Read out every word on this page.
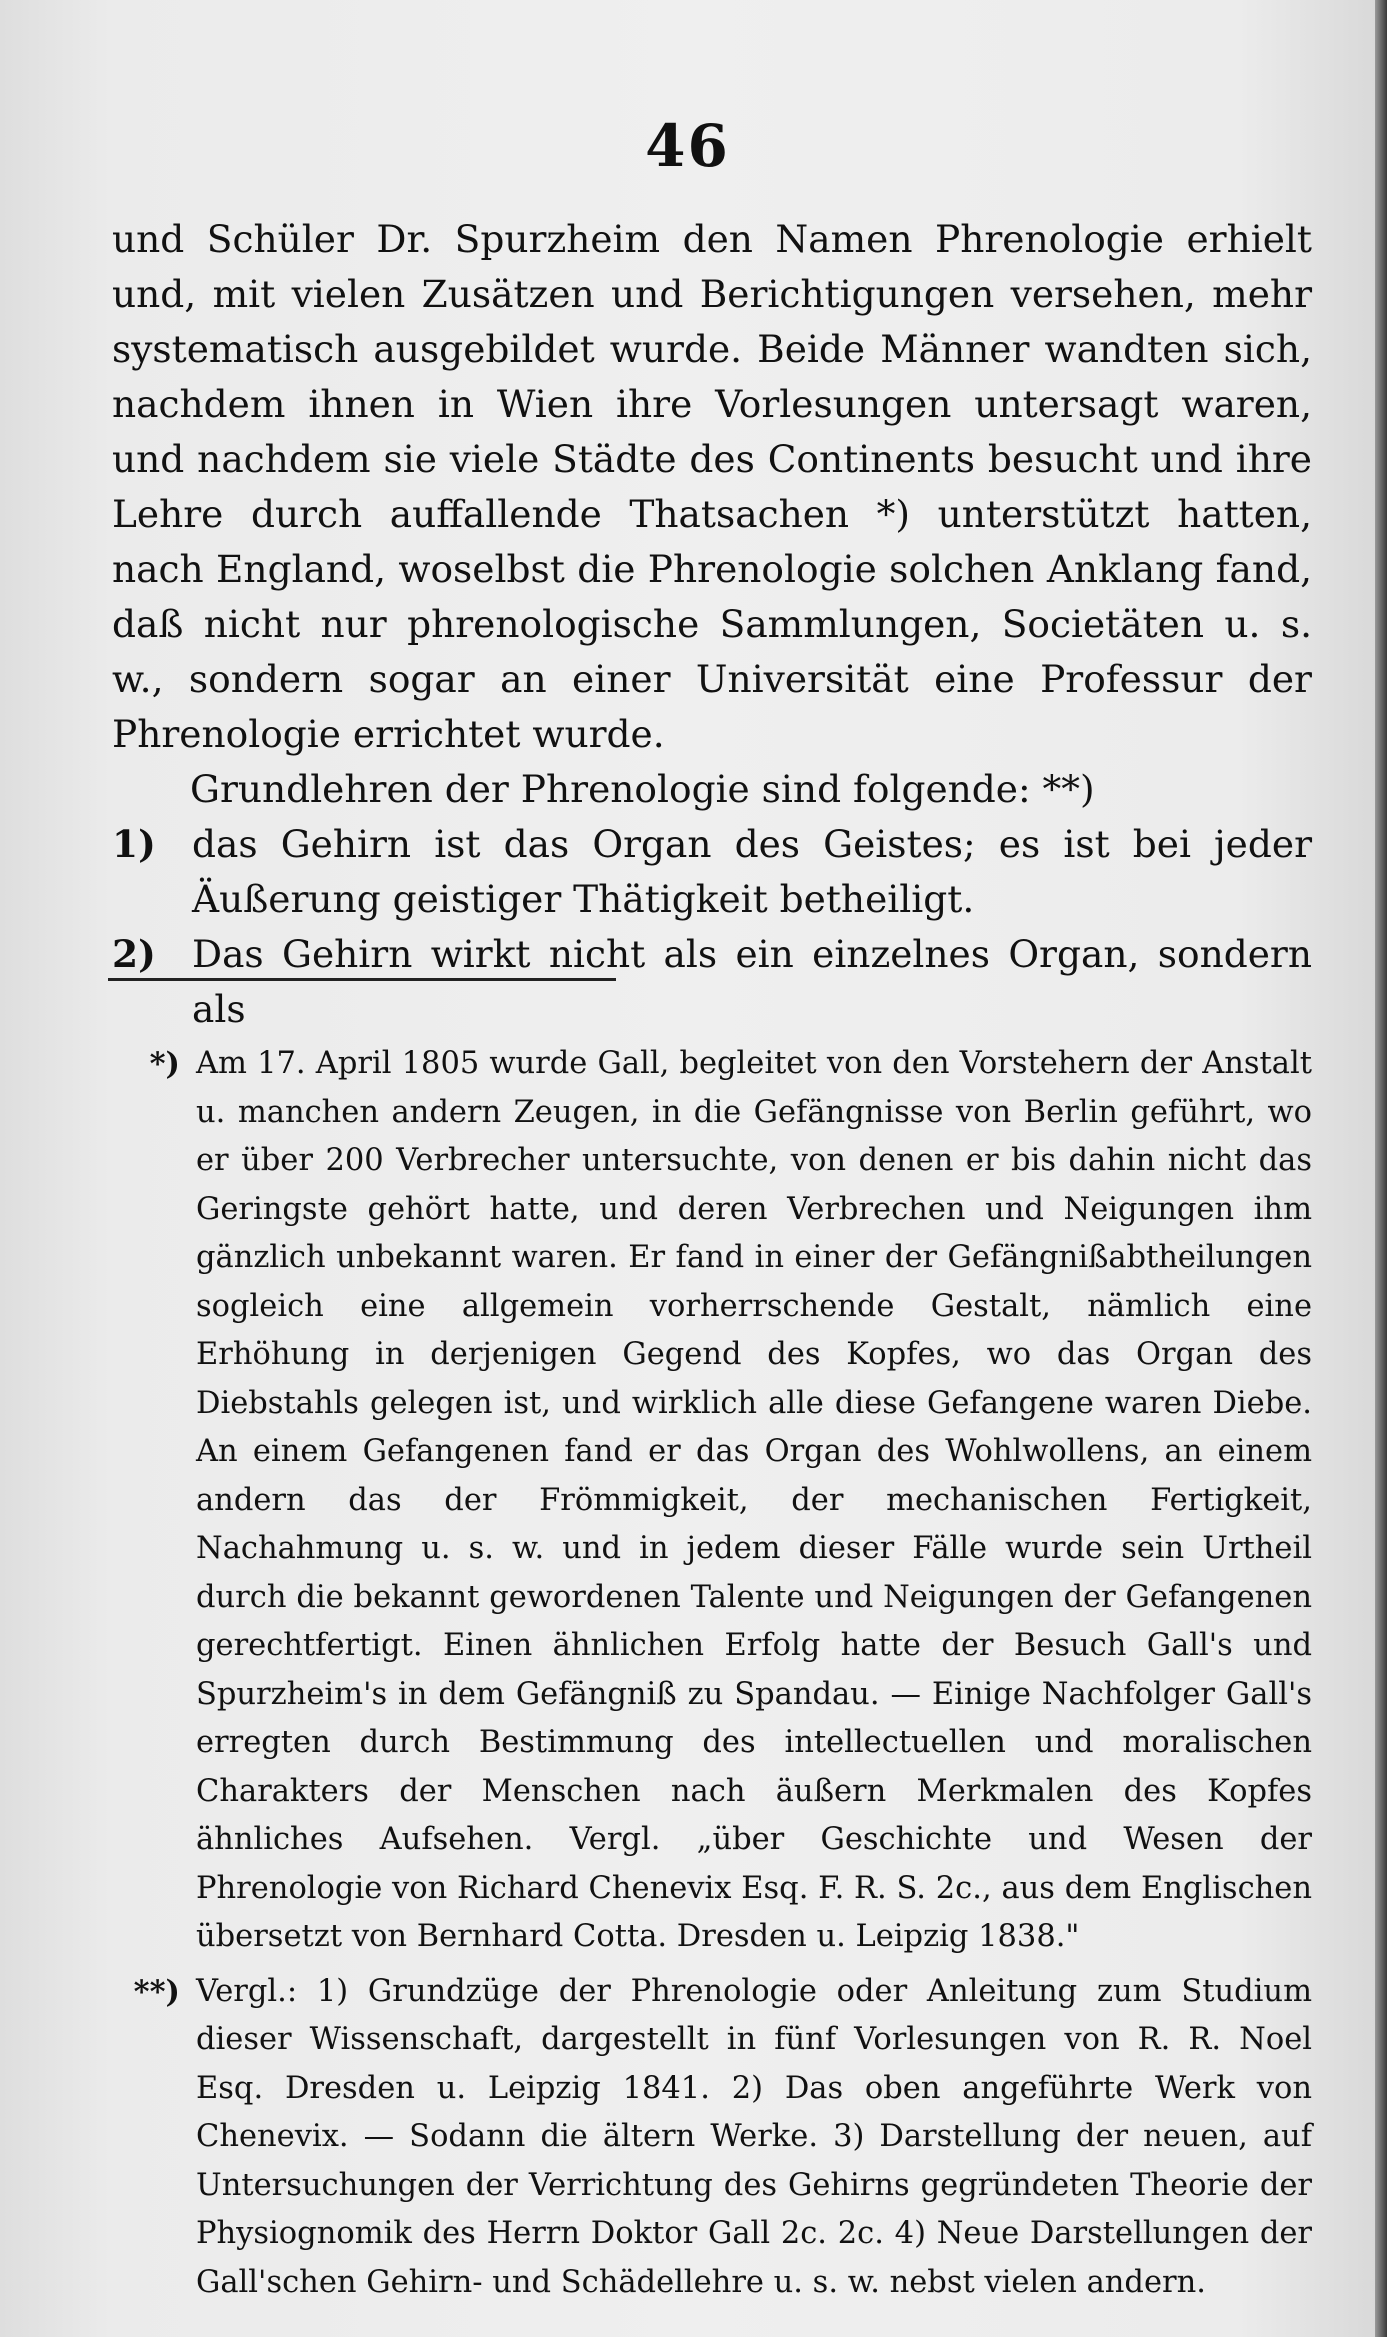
46

und Schüler Dr. Spurzheim den Namen Phrenologie erhielt und, mit vielen Zusätzen und Berichtigungen versehen, mehr systematisch ausgebildet wurde. Beide Männer wandten sich, nachdem ihnen in Wien ihre Vorlesungen untersagt waren, und nachdem sie viele Städte des Continents besucht und ihre Lehre durch auffallende Thatsachen *) unterstützt hatten, nach England, woselbst die Phrenologie solchen Anklang fand, daß nicht nur phrenologische Sammlungen, Societäten u. s. w., sondern sogar an einer Universität eine Professur der Phrenologie errichtet wurde.

Grundlehren der Phrenologie sind folgende: **)

1) das Gehirn ist das Organ des Geistes; es ist bei jeder Äußerung geistiger Thätigkeit betheiligt.
2) Das Gehirn wirkt nicht als ein einzelnes Organ, sondern als
*) Am 17. April 1805 wurde Gall, begleitet von den Vorstehern der Anstalt u. manchen andern Zeugen, in die Gefängnisse von Berlin geführt, wo er über 200 Verbrecher untersuchte, von denen er bis dahin nicht das Geringste gehört hatte, und deren Verbrechen und Neigungen ihm gänzlich unbekannt waren. Er fand in einer der Gefängnißabtheilungen sogleich eine allgemein vorherrschende Gestalt, nämlich eine Erhöhung in derjenigen Gegend des Kopfes, wo das Organ des Diebstahls gelegen ist, und wirklich alle diese Gefangene waren Diebe. An einem Gefangenen fand er das Organ des Wohlwollens, an einem andern das der Frömmigkeit, der mechanischen Fertigkeit, Nachahmung u. s. w. und in jedem dieser Fälle wurde sein Urtheil durch die bekannt gewordenen Talente und Neigungen der Gefangenen gerechtfertigt. Einen ähnlichen Erfolg hatte der Besuch Gall's und Spurzheim's in dem Gefängniß zu Spandau. — Einige Nachfolger Gall's erregten durch Bestimmung des intellectuellen und moralischen Charakters der Menschen nach äußern Merkmalen des Kopfes ähnliches Aufsehen. Vergl. „über Geschichte und Wesen der Phrenologie von Richard Chenevix Esq. F. R. S. 2c., aus dem Englischen übersetzt von Bernhard Cotta. Dresden u. Leipzig 1838."
**) Vergl.: 1) Grundzüge der Phrenologie oder Anleitung zum Studium dieser Wissenschaft, dargestellt in fünf Vorlesungen von R. R. Noel Esq. Dresden u. Leipzig 1841. 2) Das oben angeführte Werk von Chenevix. — Sodann die ältern Werke. 3) Darstellung der neuen, auf Untersuchungen der Verrichtung des Gehirns gegründeten Theorie der Physiognomik des Herrn Doktor Gall 2c. 2c. 4) Neue Darstellungen der Gall'schen Gehirn- und Schädellehre u. s. w. nebst vielen andern.
